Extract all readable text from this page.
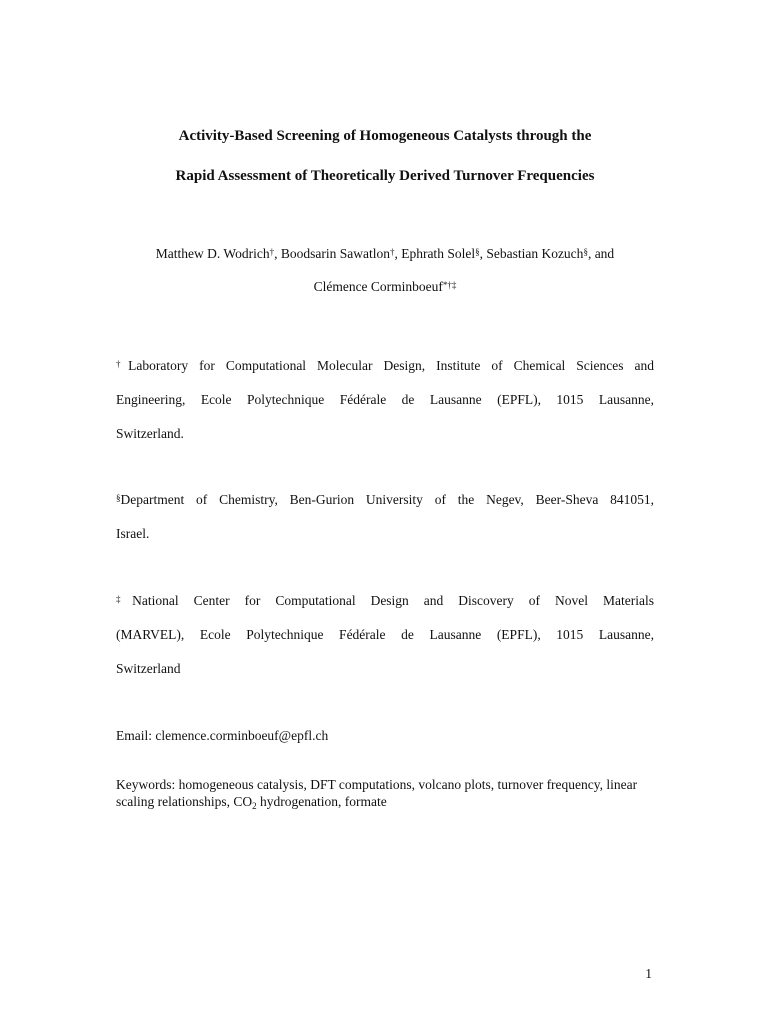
Activity-Based Screening of Homogeneous Catalysts through the

Rapid Assessment of Theoretically Derived Turnover Frequencies

Matthew D. Wodrich†, Boodsarin Sawatlon†, Ephrath Solel§, Sebastian Kozuch§, and

Clémence Corminboeuf*†‡

†Laboratory for Computational Molecular Design, Institute of Chemical Sciences and

Engineering, Ecole Polytechnique Fédérale de Lausanne (EPFL), 1015 Lausanne,

Switzerland.

§Department of Chemistry, Ben-Gurion University of the Negev, Beer-Sheva 841051,

Israel.

‡National Center for Computational Design and Discovery of Novel Materials

(MARVEL), Ecole Polytechnique Fédérale de Lausanne (EPFL), 1015 Lausanne,

Switzerland

Email: clemence.corminboeuf@epfl.ch

Keywords: homogeneous catalysis, DFT computations, volcano plots, turnover frequency, linear scaling relationships, $CO_2$ hydrogenation, formate

1
